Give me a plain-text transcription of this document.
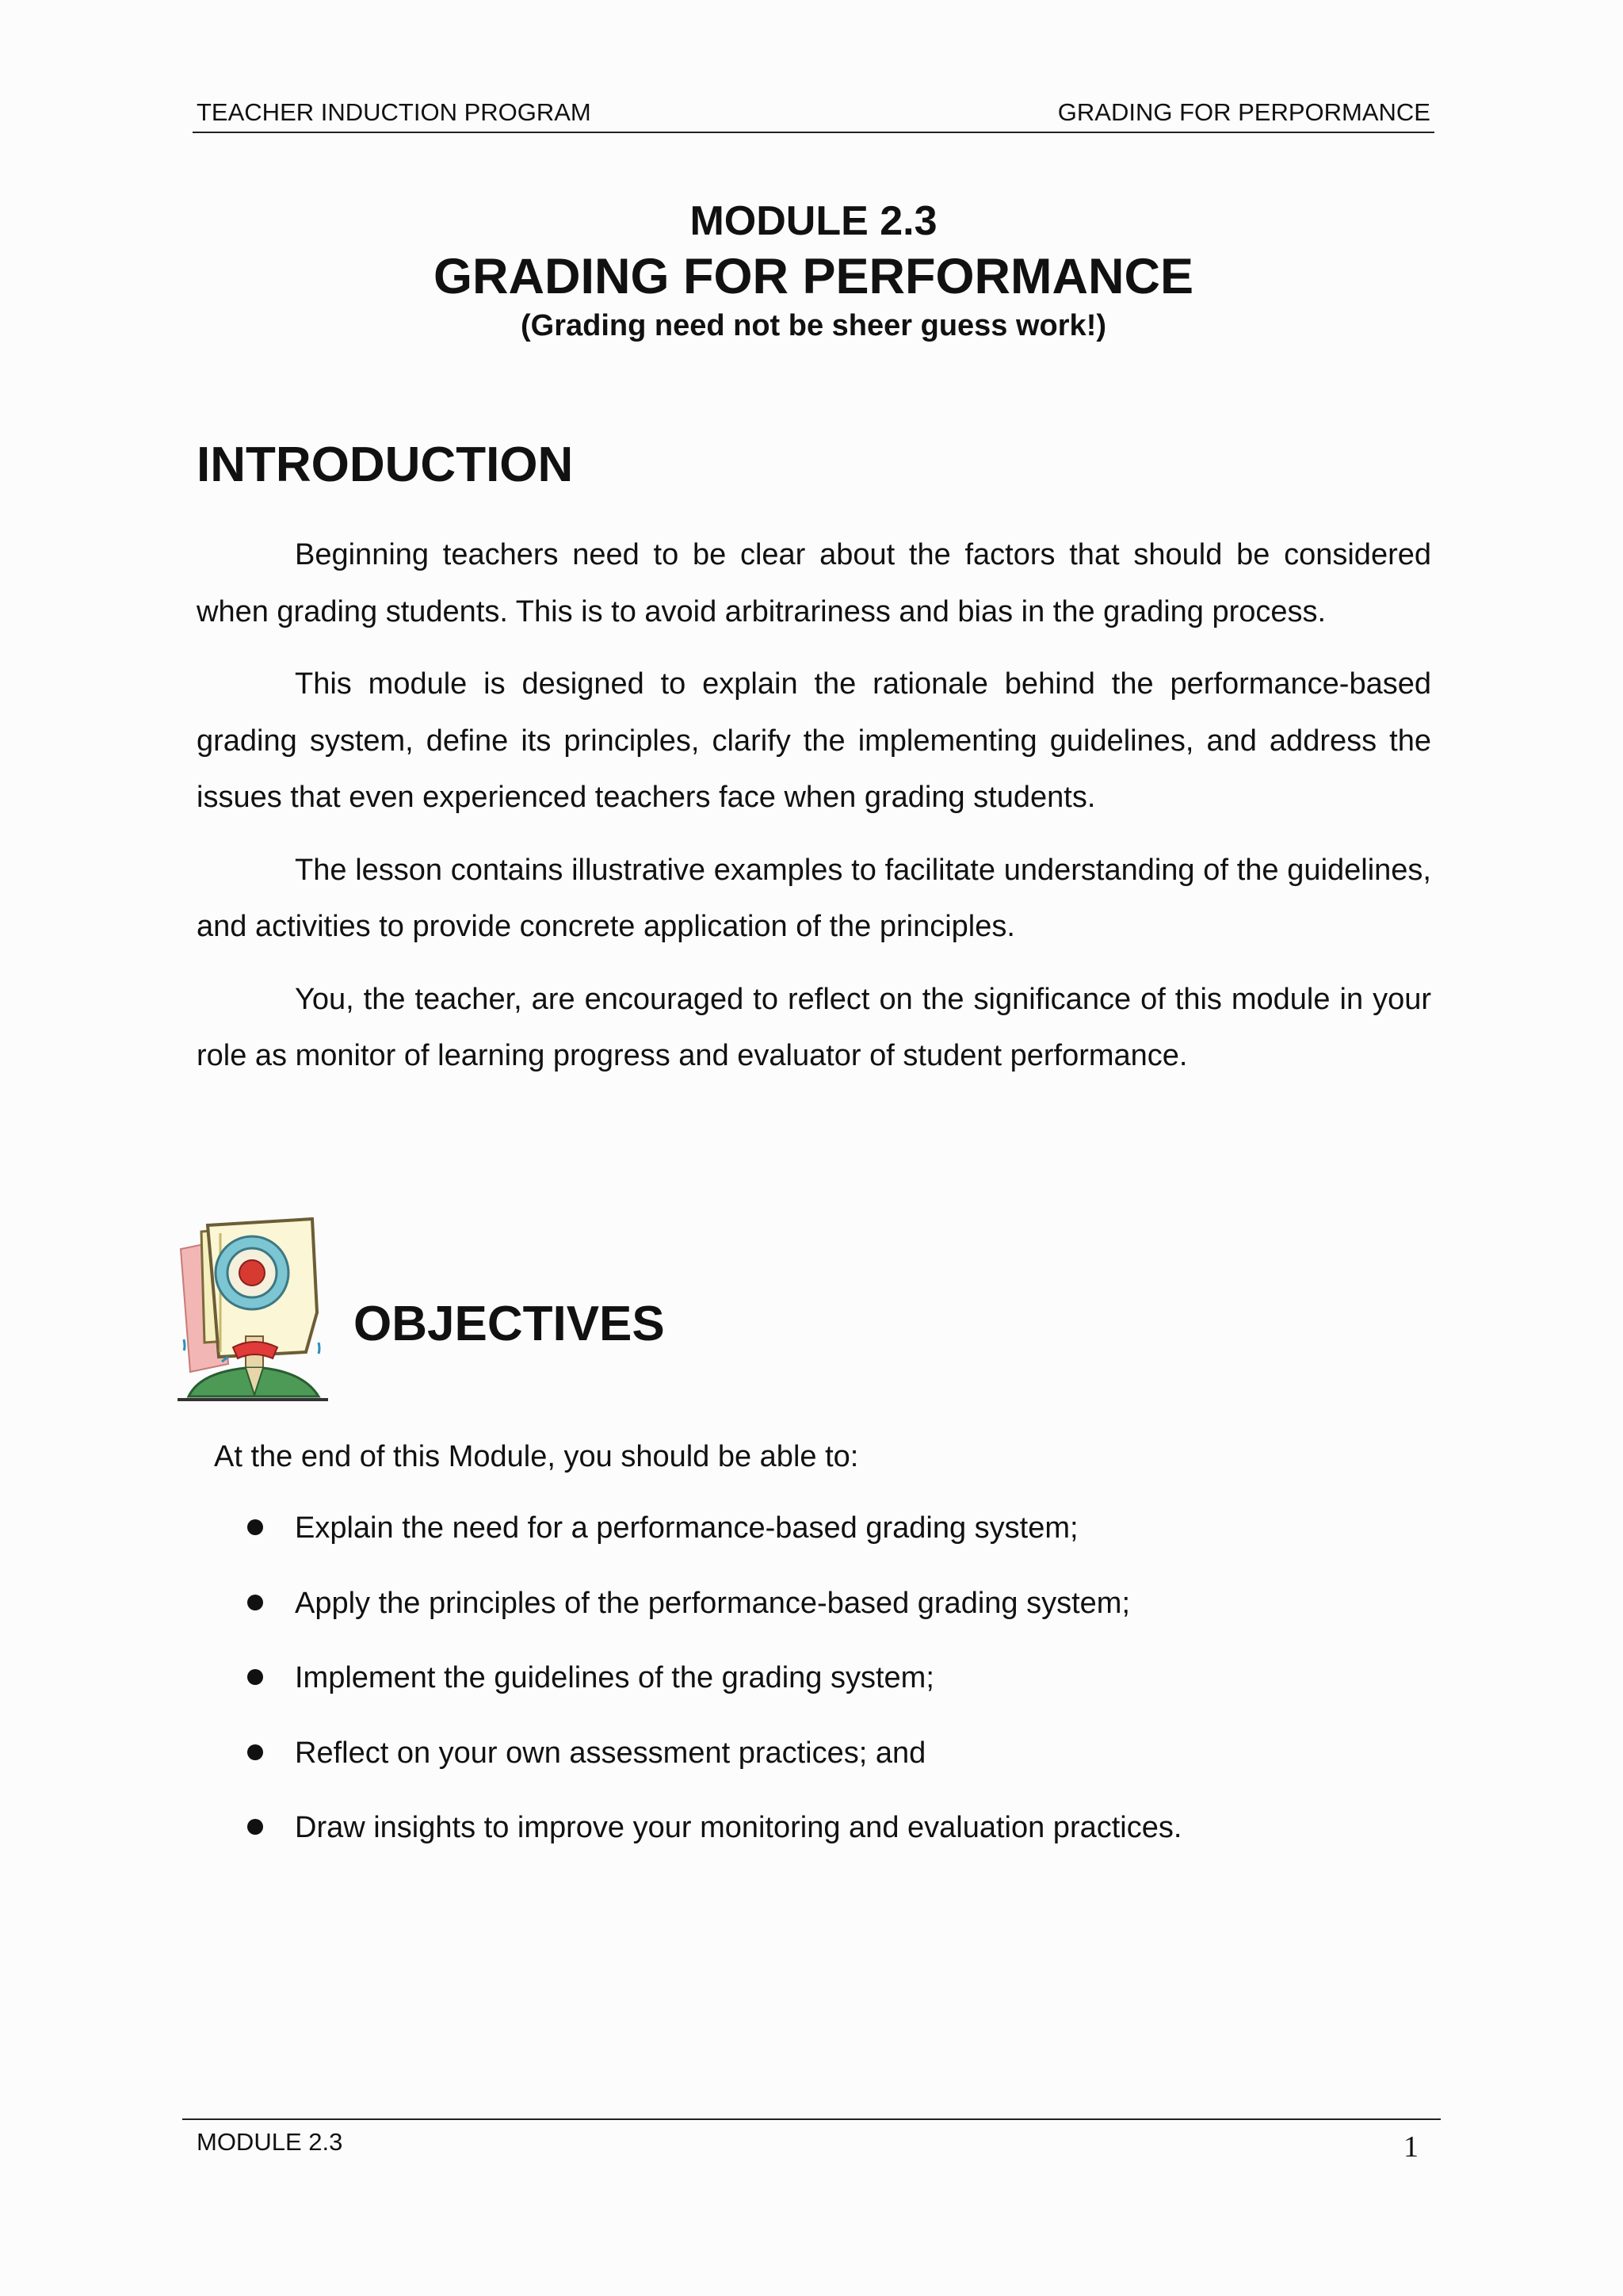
TEACHER INDUCTION PROGRAM	GRADING FOR PERPORMANCE
MODULE 2.3
GRADING FOR PERFORMANCE
(Grading need not be sheer guess work!)
INTRODUCTION

Beginning teachers need to be clear about the factors that should be considered when grading students. This is to avoid arbitrariness and bias in the grading process.

This module is designed to explain the rationale behind the performance-based grading system, define its principles, clarify the implementing guidelines, and address the issues that even experienced teachers face when grading students.

The lesson contains illustrative examples to facilitate understanding of the guidelines, and activities to provide concrete application of the principles.

You, the teacher, are encouraged to reflect on the significance of this module in your role as monitor of learning progress and evaluator of student performance.

OBJECTIVES
At the end of this Module, you should be able to:
Explain the need for a performance-based grading system;
Apply the principles of the performance-based grading system;
Implement the guidelines of the grading system;
Reflect on your own assessment practices; and
Draw insights to improve your monitoring and evaluation practices.
MODULE 2.3	1
